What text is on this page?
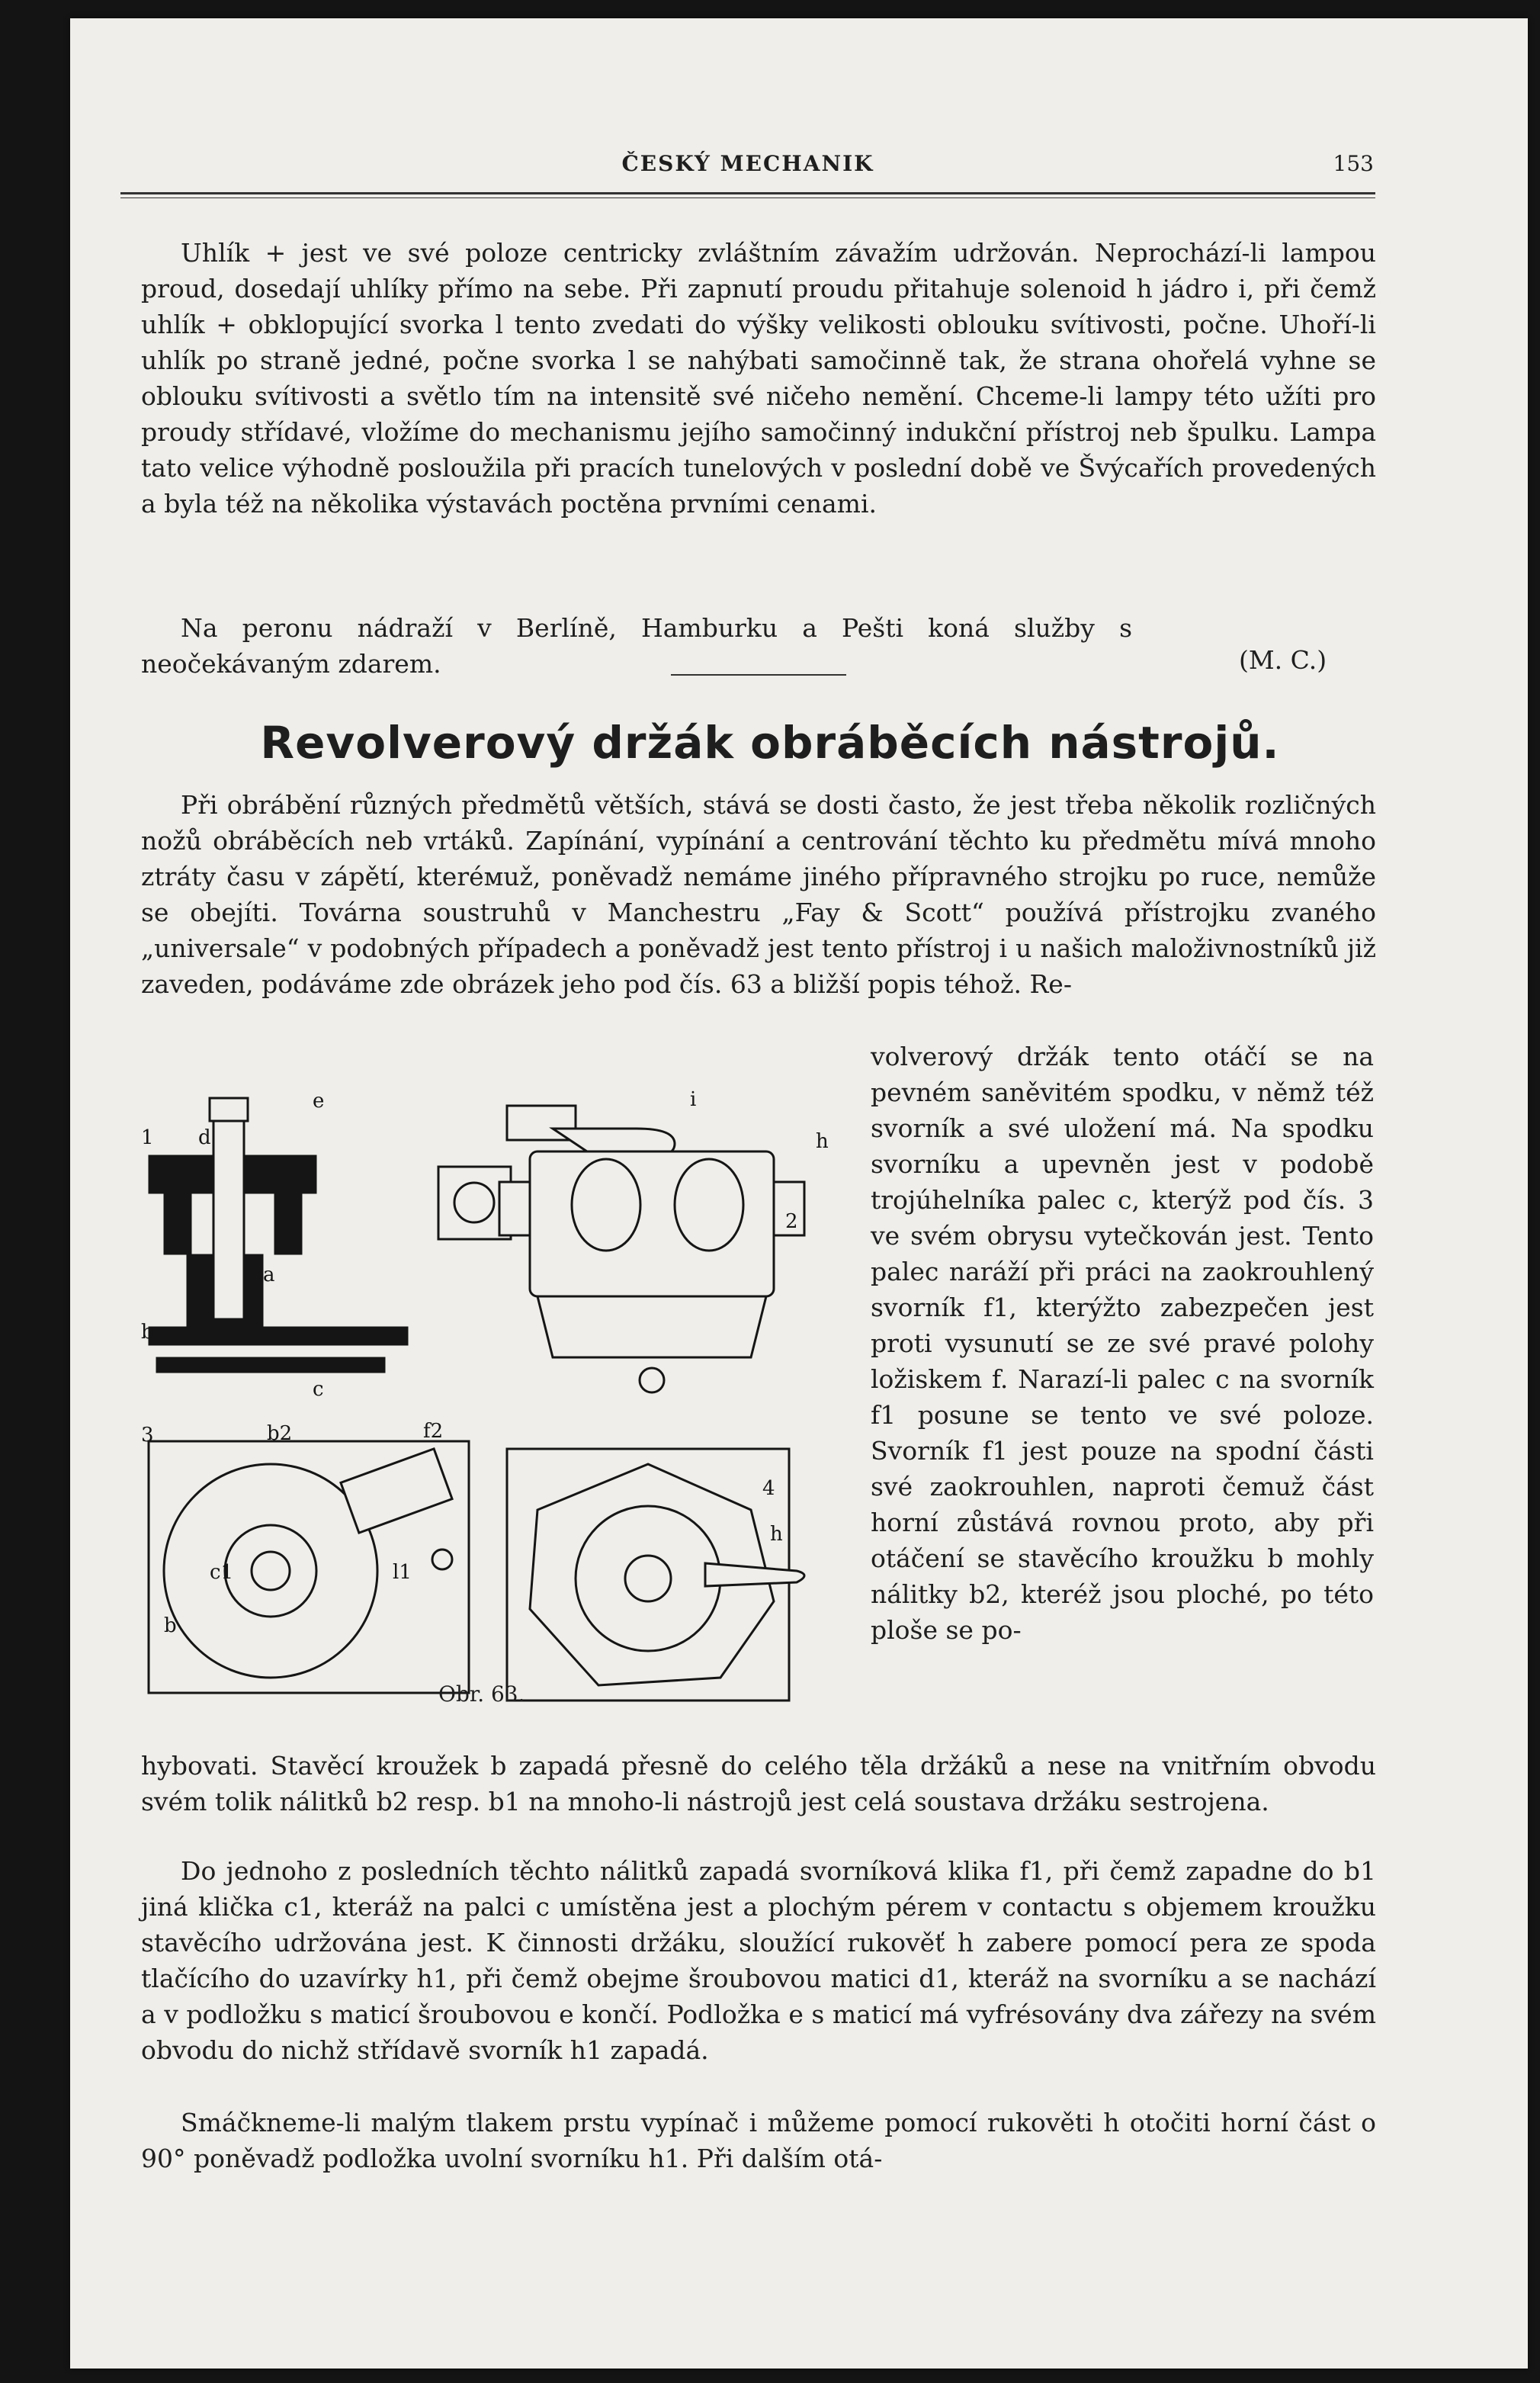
ČESKÝ MECHANIK	153

Uhlík + jest ve své poloze centricky zvláštním závažím udržován. Neprochází-li lampou proud, dosedají uhlíky přímo na sebe. Při zapnutí proudu přitahuje solenoid h jádro i, při čemž uhlík + obklopující svorka l tento zvedati do výšky velikosti oblouku svítivosti, počne. Uhoří-li uhlík po straně jedné, počne svorka l se nahýbati samočinně tak, že strana ohořelá vyhne se oblouku svítivosti a světlo tím na intensitě své ničeho nemění. Chceme-li lampy této užíti pro proudy střídavé, vložíme do mechanismu jejího samočinný indukční přístroj neb špulku. Lampa tato velice výhodně posloužila při pracích tunelových v poslední době ve Švýcařích provedených a byla též na několika výstavách poctěna prvními cenami.

Na peronu nádraží v Berlíně, Hamburku a Pešti koná služby s neočekávaným zdarem.	(M. C.)
Revolverový držák obráběcích nástrojů.

Při obrábění různých předmětů větších, stává se dosti často, že jest třeba několik rozličných nožů obráběcích neb vrtáků. Zapínání, vypínání a centrování těchto ku předmětu mívá mnoho ztráty času v zápětí, kteréмuž, poněvadž nemáme jiného přípravného strojku po ruce, nemůže se obejíti. Továrna soustruhů v Manchestru „Fay & Scott“ používá přístrojku zvaného „universale“ v podobných případech a poněvadž jest tento přístroj i u našich maloživnostníků již zaveden, podáváme zde obrázek jeho pod čís. 63 a bližší popis téhož. Re-

volverový držák tento otáčí se na pevném saněvitém spodku, v němž též svorník a své uložení má. Na spodku svorníku a upevněn jest v podobě trojúhelníka palec c, kterýž pod čís. 3 ve svém obrysu vytečkován jest. Tento palec naráží při práci na zaokrouhlený svorník f1, kterýžto zabezpečen jest proti vysunutí se ze své pravé polohy ložiskem f. Narazí-li palec c na svorník f1 posune se tento ve své poloze. Svorník f1 jest pouze na spodní části své zaokrouhlen, naproti čemuž část horní zůstává rovnou proto, aby při otáčení se stavěcího kroužku b mohly nálitky b2, kteréž jsou ploché, po této ploše se po-

1
e
d
a
b
c
i
h
2
3	b2	f2
c1	l1
b
4
h
Obr. 63.

hybovati. Stavěcí kroužek b zapadá přesně do celého těla držáků a nese na vnitřním obvodu svém tolik nálitků b2 resp. b1 na mnoho-li nástrojů jest celá soustava držáku sestrojena.

Do jednoho z posledních těchto nálitků zapadá svorníková klika f1, při čemž zapadne do b1 jiná klička c1, kteráž na palci c umístěna jest a plochým pérem v contactu s objemem kroužku stavěcího udržována jest. K činnosti držáku, sloužící rukověť h zabere pomocí pera ze spoda tlačícího do uzavírky h1, při čemž obejme šroubovou matici d1, kteráž na svorníku a se nachází a v podložku s maticí šroubovou e končí. Podložka e s maticí má vyfrésovány dva zářezy na svém obvodu do nichž střídavě svorník h1 zapadá.

Smáčkneme-li malým tlakem prstu vypínač i můžeme pomocí rukověti h otočiti horní část o 90° poněvadž podložka uvolní svorníku h1. Při dalším otá-
